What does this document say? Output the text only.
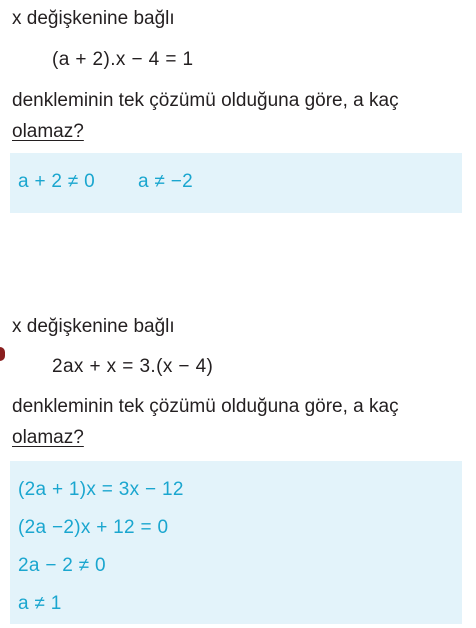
x değişkenine bağlı
(a + 2).x − 4 = 1
denkleminin tek çözümü olduğuna göre, a kaç
olamaz?
a + 2 ≠ 0 a ≠ −2
x değişkenine bağlı
2ax + x = 3.(x − 4)
denkleminin tek çözümü olduğuna göre, a kaç
olamaz?
(2a + 1)x = 3x − 12
(2a −2)x + 12 = 0
2a − 2 ≠ 0
a ≠ 1
